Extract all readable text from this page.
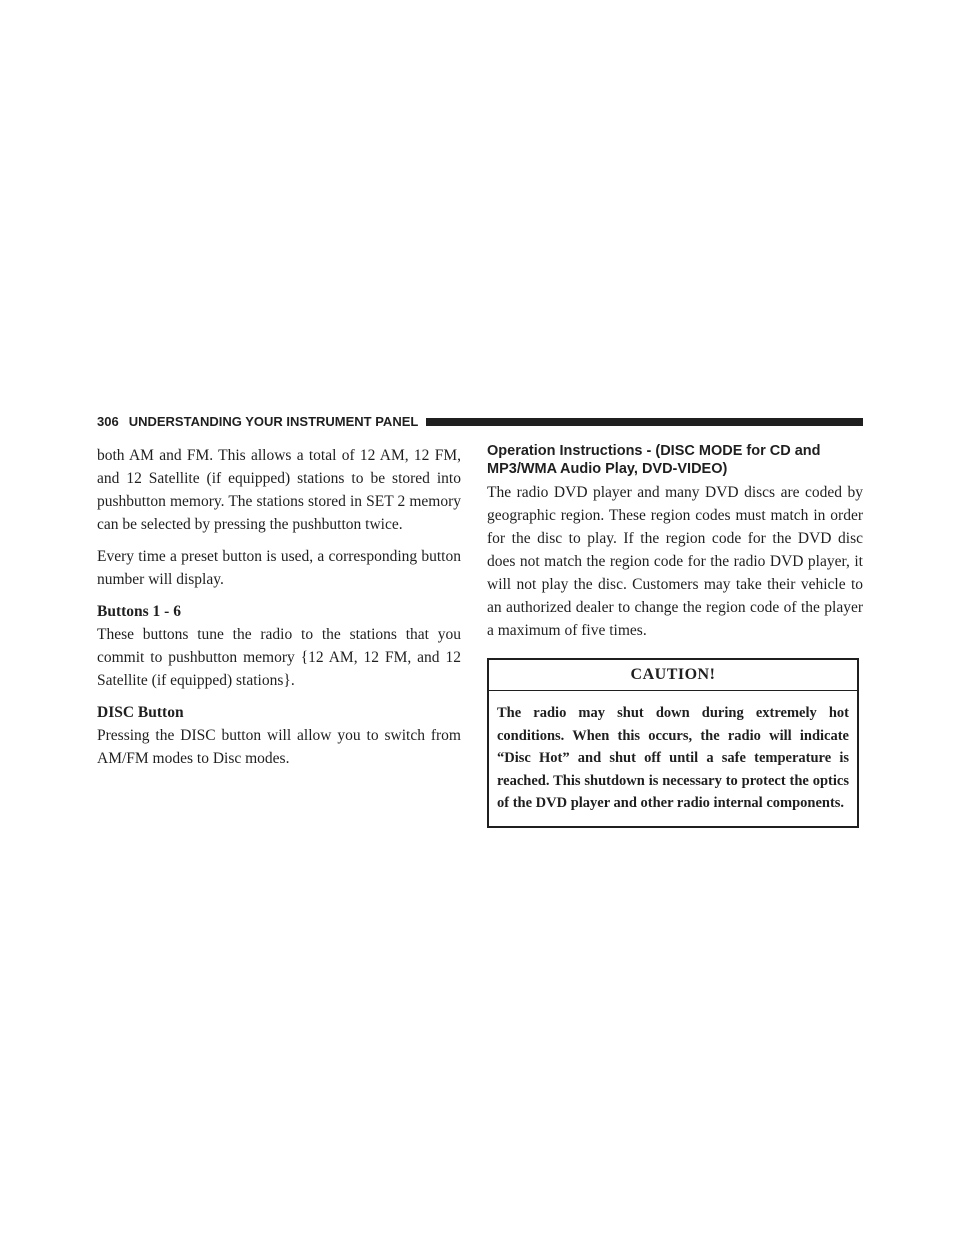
306 UNDERSTANDING YOUR INSTRUMENT PANEL

both AM and FM. This allows a total of 12 AM, 12 FM, and 12 Satellite (if equipped) stations to be stored into pushbutton memory. The stations stored in SET 2 memory can be selected by pressing the pushbutton twice.

Every time a preset button is used, a corresponding button number will display.

Buttons 1 - 6

These buttons tune the radio to the stations that you commit to pushbutton memory {12 AM, 12 FM, and 12 Satellite (if equipped) stations}.

DISC Button

Pressing the DISC button will allow you to switch from AM/FM modes to Disc modes.

Operation Instructions - (DISC MODE for CD and MP3/WMA Audio Play, DVD-VIDEO)

The radio DVD player and many DVD discs are coded by geographic region. These region codes must match in order for the disc to play. If the region code for the DVD disc does not match the region code for the radio DVD player, it will not play the disc. Customers may take their vehicle to an authorized dealer to change the region code of the player a maximum of five times.

CAUTION!
The radio may shut down during extremely hot conditions. When this occurs, the radio will indicate “Disc Hot” and shut off until a safe temperature is reached. This shutdown is necessary to protect the optics of the DVD player and other radio internal components.
